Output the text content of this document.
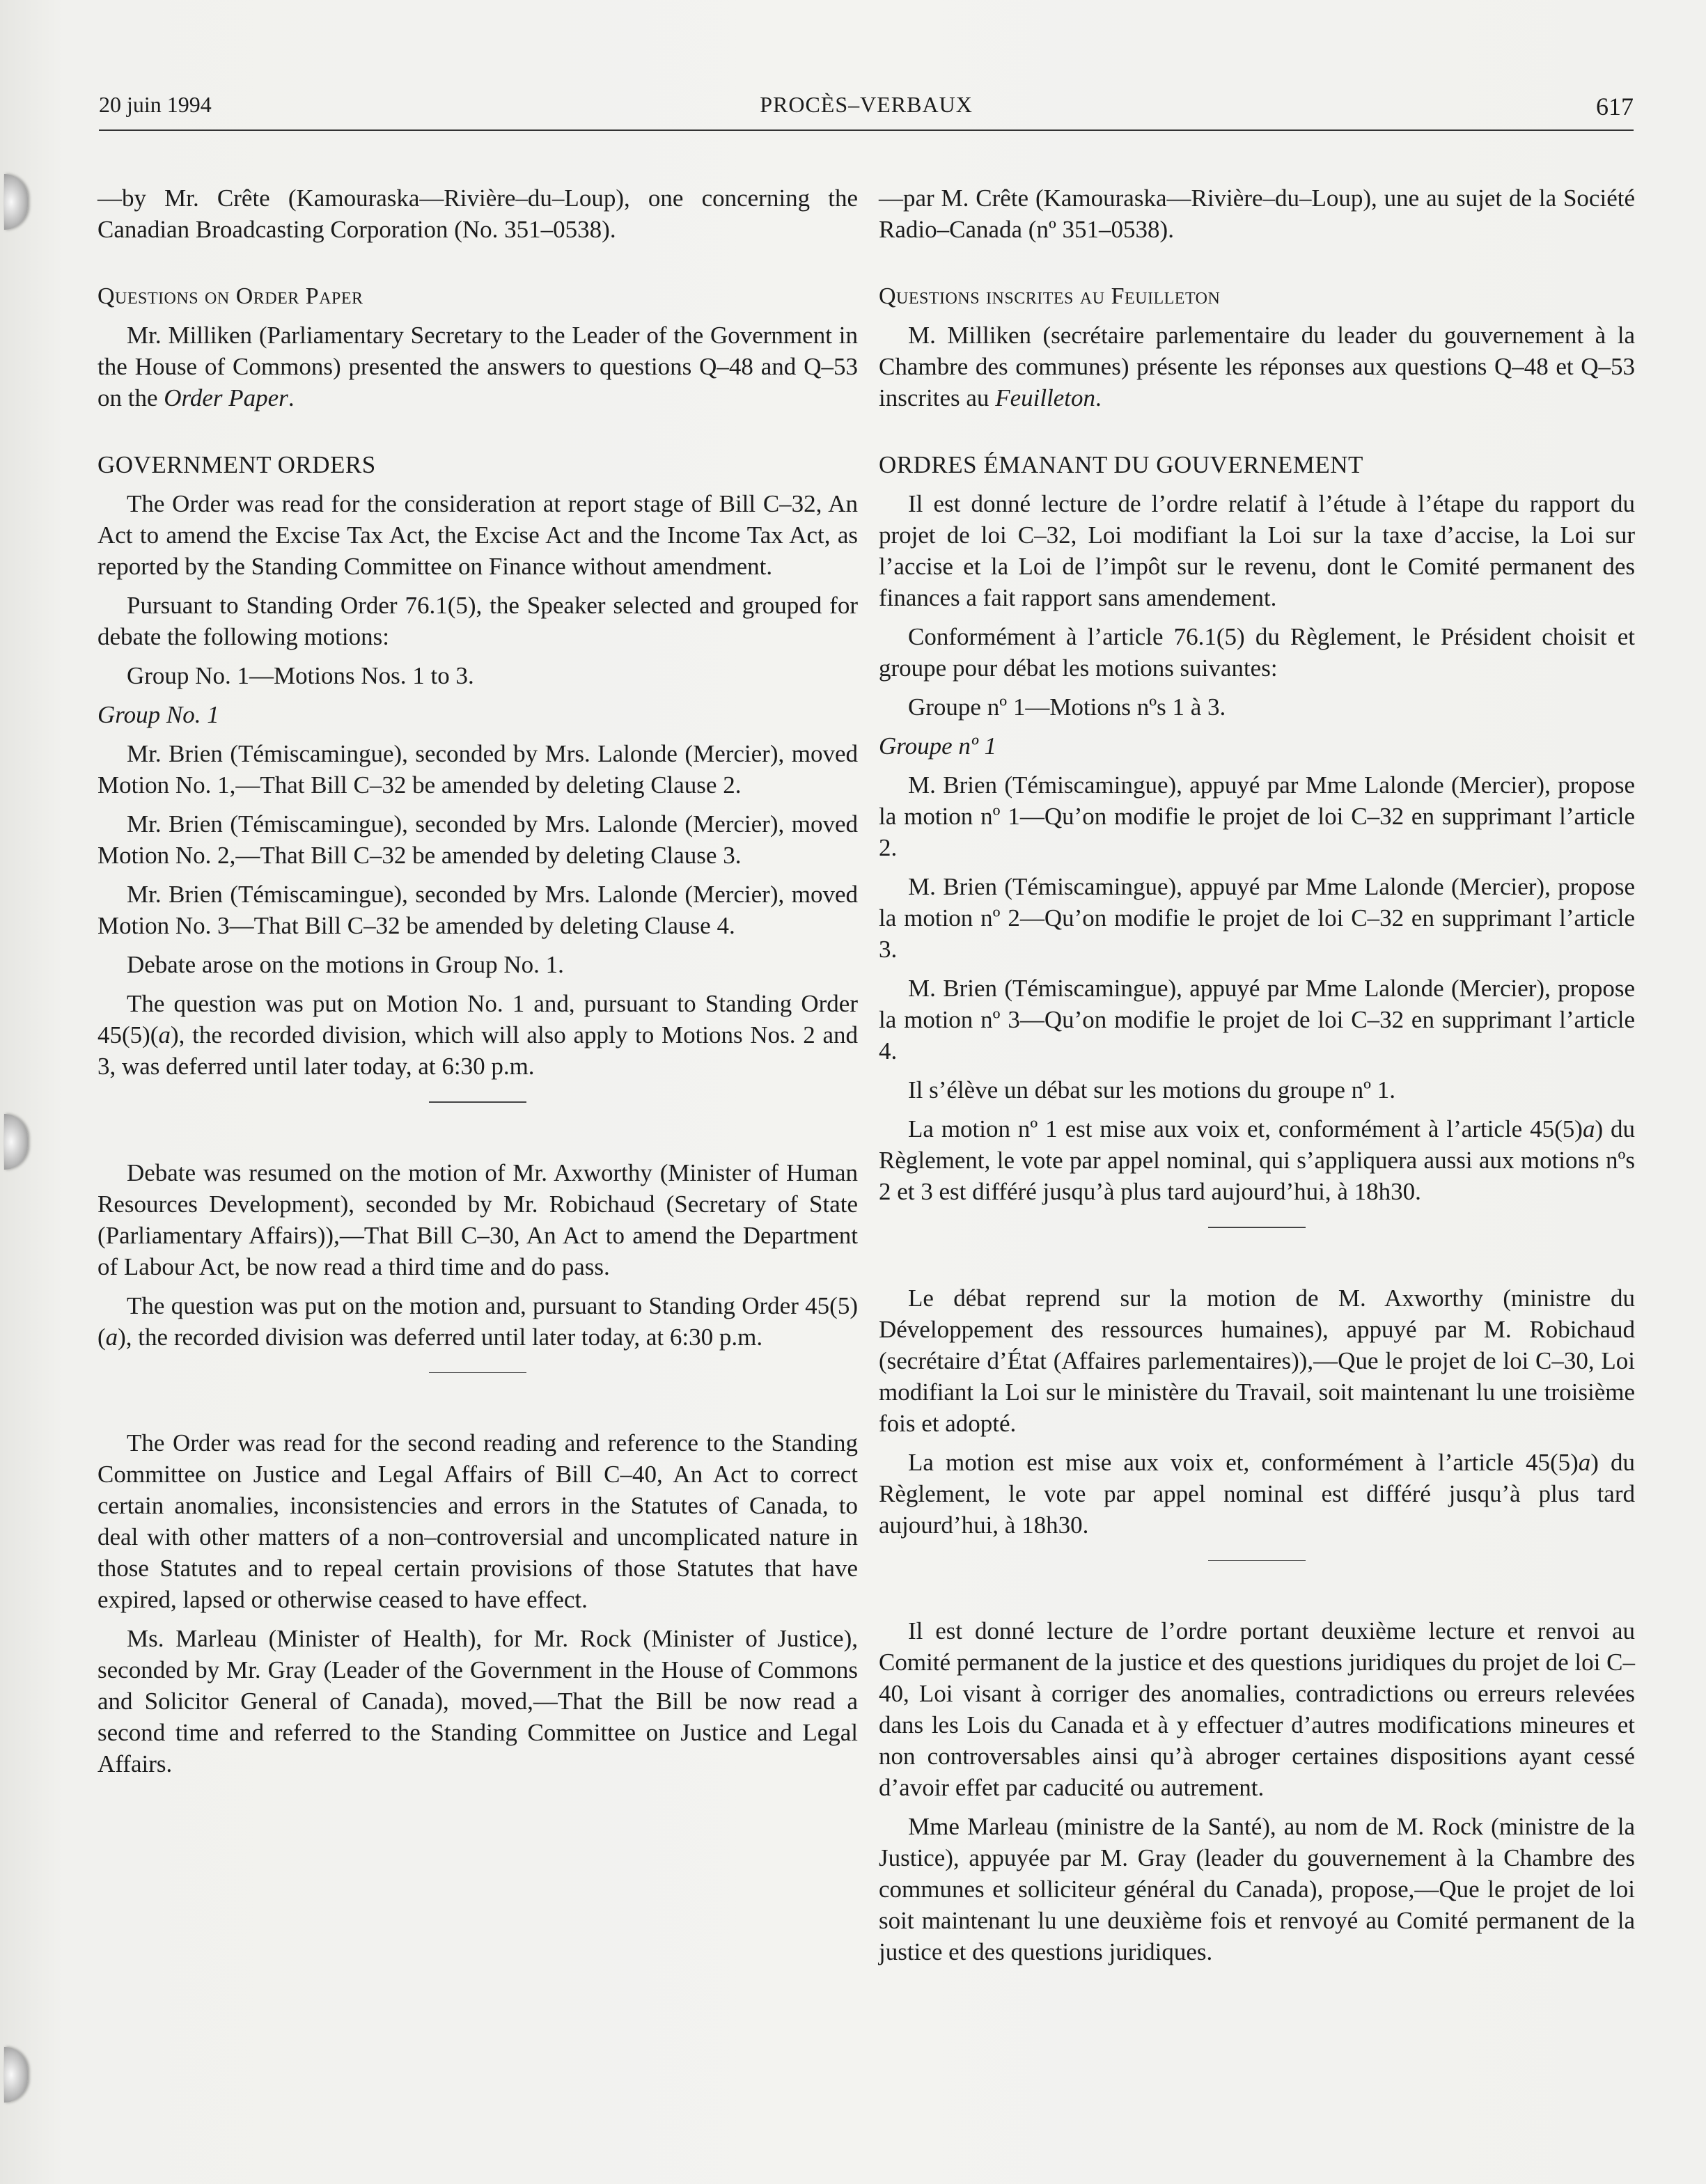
20 juin 1994	PROCÈS–VERBAUX	617

—by Mr. Crête (Kamouraska—Rivière–du–Loup), one concerning the Canadian Broadcasting Corporation (No. 351–0538).

Questions on Order Paper

Mr. Milliken (Parliamentary Secretary to the Leader of the Government in the House of Commons) presented the answers to questions Q–48 and Q–53 on the Order Paper.

GOVERNMENT ORDERS

The Order was read for the consideration at report stage of Bill C–32, An Act to amend the Excise Tax Act, the Excise Act and the Income Tax Act, as reported by the Standing Committee on Finance without amendment.

Pursuant to Standing Order 76.1(5), the Speaker selected and grouped for debate the following motions:

Group No. 1—Motions Nos. 1 to 3.

Group No. 1

Mr. Brien (Témiscamingue), seconded by Mrs. Lalonde (Mercier), moved Motion No. 1,—That Bill C–32 be amended by deleting Clause 2.

Mr. Brien (Témiscamingue), seconded by Mrs. Lalonde (Mercier), moved Motion No. 2,—That Bill C–32 be amended by deleting Clause 3.

Mr. Brien (Témiscamingue), seconded by Mrs. Lalonde (Mercier), moved Motion No. 3—That Bill C–32 be amended by deleting Clause 4.

Debate arose on the motions in Group No. 1.

The question was put on Motion No. 1 and, pursuant to Standing Order 45(5)(a), the recorded division, which will also apply to Motions Nos. 2 and 3, was deferred until later today, at 6:30 p.m.

Debate was resumed on the motion of Mr. Axworthy (Minister of Human Resources Development), seconded by Mr. Robichaud (Secretary of State (Parliamentary Affairs)),—That Bill C–30, An Act to amend the Department of Labour Act, be now read a third time and do pass.

The question was put on the motion and, pursuant to Standing Order 45(5)(a), the recorded division was deferred until later today, at 6:30 p.m.

The Order was read for the second reading and reference to the Standing Committee on Justice and Legal Affairs of Bill C–40, An Act to correct certain anomalies, inconsistencies and errors in the Statutes of Canada, to deal with other matters of a non–controversial and uncomplicated nature in those Statutes and to repeal certain provisions of those Statutes that have expired, lapsed or otherwise ceased to have effect.

Ms. Marleau (Minister of Health), for Mr. Rock (Minister of Justice), seconded by Mr. Gray (Leader of the Government in the House of Commons and Solicitor General of Canada), moved,—That the Bill be now read a second time and referred to the Standing Committee on Justice and Legal Affairs.

—par M. Crête (Kamouraska—Rivière–du–Loup), une au sujet de la Société Radio–Canada (nº 351–0538).

Questions inscrites au Feuilleton

M. Milliken (secrétaire parlementaire du leader du gouvernement à la Chambre des communes) présente les réponses aux questions Q–48 et Q–53 inscrites au Feuilleton.

ORDRES ÉMANANT DU GOUVERNEMENT

Il est donné lecture de l’ordre relatif à l’étude à l’étape du rapport du projet de loi C–32, Loi modifiant la Loi sur la taxe d’accise, la Loi sur l’accise et la Loi de l’impôt sur le revenu, dont le Comité permanent des finances a fait rapport sans amendement.

Conformément à l’article 76.1(5) du Règlement, le Président choisit et groupe pour débat les motions suivantes:

Groupe nº 1—Motions nºs 1 à 3.

Groupe nº 1

M. Brien (Témiscamingue), appuyé par Mme Lalonde (Mercier), propose la motion nº 1—Qu’on modifie le projet de loi C–32 en supprimant l’article 2.

M. Brien (Témiscamingue), appuyé par Mme Lalonde (Mercier), propose la motion nº 2—Qu’on modifie le projet de loi C–32 en supprimant l’article 3.

M. Brien (Témiscamingue), appuyé par Mme Lalonde (Mercier), propose la motion nº 3—Qu’on modifie le projet de loi C–32 en supprimant l’article 4.

Il s’élève un débat sur les motions du groupe nº 1.

La motion nº 1 est mise aux voix et, conformément à l’article 45(5)a) du Règlement, le vote par appel nominal, qui s’appliquera aussi aux motions nºs 2 et 3 est différé jusqu’à plus tard aujourd’hui, à 18h30.

Le débat reprend sur la motion de M. Axworthy (ministre du Développement des ressources humaines), appuyé par M. Robichaud (secrétaire d’État (Affaires parlementaires)),—Que le projet de loi C–30, Loi modifiant la Loi sur le ministère du Travail, soit maintenant lu une troisième fois et adopté.

La motion est mise aux voix et, conformément à l’article 45(5)a) du Règlement, le vote par appel nominal est différé jusqu’à plus tard aujourd’hui, à 18h30.

Il est donné lecture de l’ordre portant deuxième lecture et renvoi au Comité permanent de la justice et des questions juridiques du projet de loi C–40, Loi visant à corriger des anomalies, contradictions ou erreurs relevées dans les Lois du Canada et à y effectuer d’autres modifications mineures et non controversables ainsi qu’à abroger certaines dispositions ayant cessé d’avoir effet par caducité ou autrement.

Mme Marleau (ministre de la Santé), au nom de M. Rock (ministre de la Justice), appuyée par M. Gray (leader du gouvernement à la Chambre des communes et solliciteur général du Canada), propose,—Que le projet de loi soit maintenant lu une deuxième fois et renvoyé au Comité permanent de la justice et des questions juridiques.
